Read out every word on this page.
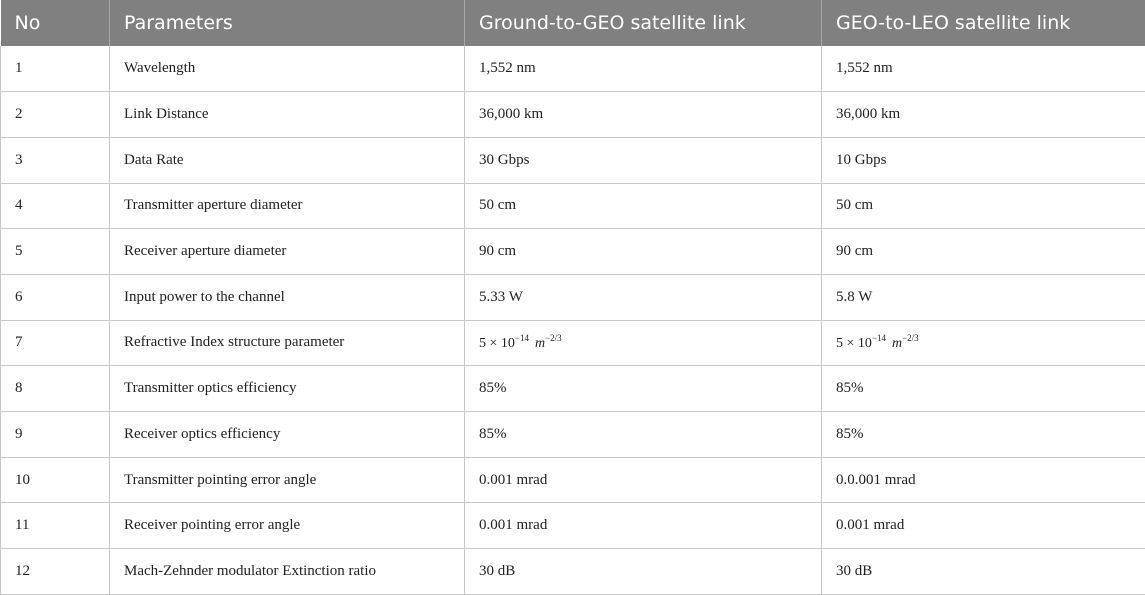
No	Parameters	Ground-to-GEO satellite link	GEO-to-LEO satellite link
1	Wavelength	1,552 nm	1,552 nm
2	Link Distance	36,000 km	36,000 km
3	Data Rate	30 Gbps	10 Gbps
4	Transmitter aperture diameter	50 cm	50 cm
5	Receiver aperture diameter	90 cm	90 cm
6	Input power to the channel	5.33 W	5.8 W
7	Refractive Index structure parameter	$5 \times 10^{-14}$ $m^{-2/3}$	$5 \times 10^{-14}$ $m^{-2/3}$
8	Transmitter optics efficiency	85%	85%
9	Receiver optics efficiency	85%	85%
10	Transmitter pointing error angle	0.001 mrad	0.0.001 mrad
11	Receiver pointing error angle	0.001 mrad	0.001 mrad
12	Mach-Zehnder modulator Extinction ratio	30 dB	30 dB
